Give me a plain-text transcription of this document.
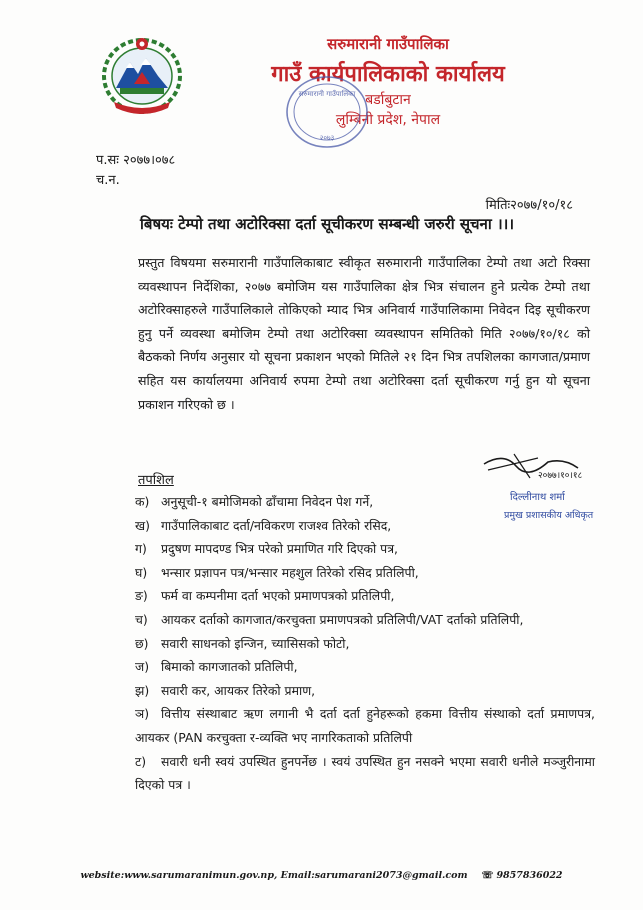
सरुमारानी गाउँपालिका
गाउँ कार्यपालिकाको कार्यालय
बर्डाबुटान
लुम्बिनी प्रदेश, नेपाल
सरुमारानी गाउँपालिका
२०७३
प.सः २०७७।०७८
च.न.
मितिः२०७७/१०/१८
बिषयः टेम्पो तथा अटोरिक्सा दर्ता सूचीकरण सम्बन्धी जरुरी सूचना ।।।
प्रस्तुत विषयमा सरुमारानी गाउँपालिकाबाट स्वीकृत सरुमारानी गाउँपालिका टेम्पो तथा अटो रिक्सा व्यवस्थापन निर्देशिका, २०७७ बमोजिम यस गाउँपालिका क्षेत्र भित्र संचालन हुने प्रत्येक टेम्पो तथा अटोरिक्साहरुले गाउँपालिकाले तोकिएको म्याद भित्र अनिवार्य गाउँपालिकामा निवेदन दिइ सूचीकरण हुनु पर्ने व्यवस्था बमोजिम टेम्पो तथा अटोरिक्सा व्यवस्थापन समितिको मिति २०७७/१०/१८ को बैठकको निर्णय अनुसार यो सूचना प्रकाशन भएको मितिले २१ दिन भित्र तपशिलका कागजात/प्रमाण सहित यस कार्यालयमा अनिवार्य रुपमा टेम्पो तथा अटोरिक्सा दर्ता सूचीकरण गर्नु हुन यो सूचना प्रकाशन गरिएको छ ।
२०७७।१०।१८
दिल्लीनाथ शर्मा
प्रमुख प्रशासकीय अधिकृत
तपशिल
क) अनुसूची-१ बमोजिमको ढाँचामा निवेदन पेश गर्ने,
ख) गाउँपालिकाबाट दर्ता/नविकरण राजश्व तिरेको रसिद,
ग) प्रदुषण मापदण्ड भित्र परेको प्रमाणित गरि दिएको पत्र,
घ) भन्सार प्रज्ञापन पत्र/भन्सार महशुल तिरेको रसिद प्रतिलिपी,
ङ) फर्म वा कम्पनीमा दर्ता भएको प्रमाणपत्रको प्रतिलिपी,
च) आयकर दर्ताको कागजात/करचुक्ता प्रमाणपत्रको प्रतिलिपी/VAT दर्ताको प्रतिलिपी,
छ) सवारी साधनको इन्जिन, च्यासिसको फोटो,
ज) बिमाको कागजातको प्रतिलिपी,
झ) सवारी कर, आयकर तिरेको प्रमाण,
ञ) वित्तीय संस्थाबाट ऋण लगानी भै दर्ता दर्ता हुनेहरूको हकमा वित्तीय संस्थाको दर्ता प्रमाणपत्र, आयकर (PAN करचुक्ता र-व्यक्ति भए नागरिकताको प्रतिलिपी
ट) सवारी धनी स्वयं उपस्थित हुनपर्नेछ । स्वयं उपस्थित हुन नसक्ने भएमा सवारी धनीले मञ्जुरीनामा दिएको पत्र ।
website:www.sarumaranimun.gov.np, Email:sarumarani2073@gmail.com ☏ 9857836022
